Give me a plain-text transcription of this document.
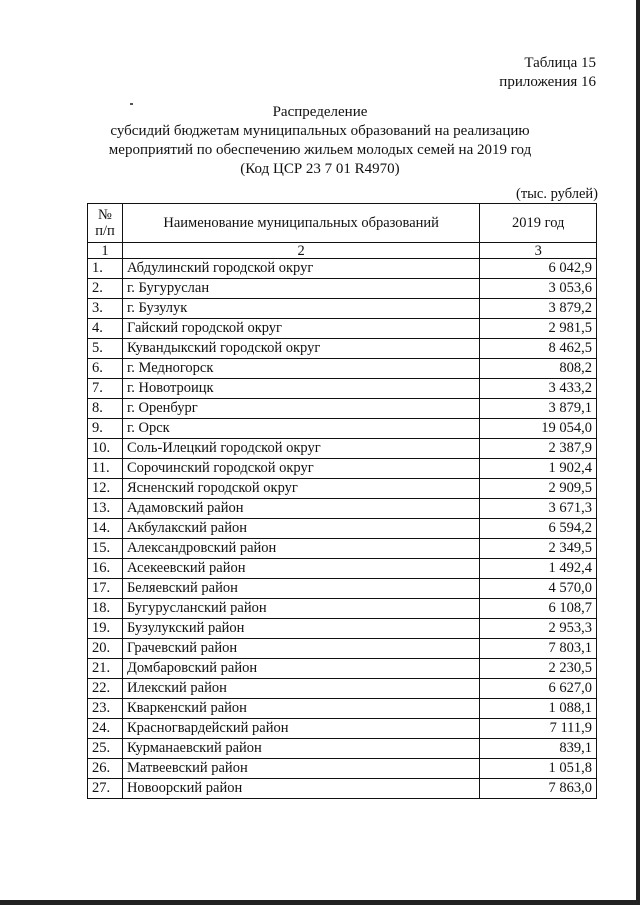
Таблица 15
приложения 16
Распределение
субсидий бюджетам муниципальных образований на реализацию
мероприятий по обеспечению жильем молодых семей на 2019 год
(Код ЦСР 23 7 01 R4970)
(тыс. рублей)
№
п/п	Наименование муниципальных образований	2019 год
1	2	3
1.	Абдулинский городской округ	6 042,9
2.	г. Бугуруслан	3 053,6
3.	г. Бузулук	3 879,2
4.	Гайский городской округ	2 981,5
5.	Кувандыкский городской округ	8 462,5
6.	г. Медногорск	808,2
7.	г. Новотроицк	3 433,2
8.	г. Оренбург	3 879,1
9.	г. Орск	19 054,0
10.	Соль-Илецкий городской округ	2 387,9
11.	Сорочинский городской округ	1 902,4
12.	Ясненский городской округ	2 909,5
13.	Адамовский район	3 671,3
14.	Акбулакский район	6 594,2
15.	Александровский район	2 349,5
16.	Асекеевский район	1 492,4
17.	Беляевский район	4 570,0
18.	Бугурусланский район	6 108,7
19.	Бузулукский район	2 953,3
20.	Грачевский район	7 803,1
21.	Домбаровский район	2 230,5
22.	Илекский район	6 627,0
23.	Кваркенский район	1 088,1
24.	Красногвардейский район	7 111,9
25.	Курманаевский район	839,1
26.	Матвеевский район	1 051,8
27.	Новоорский район	7 863,0
